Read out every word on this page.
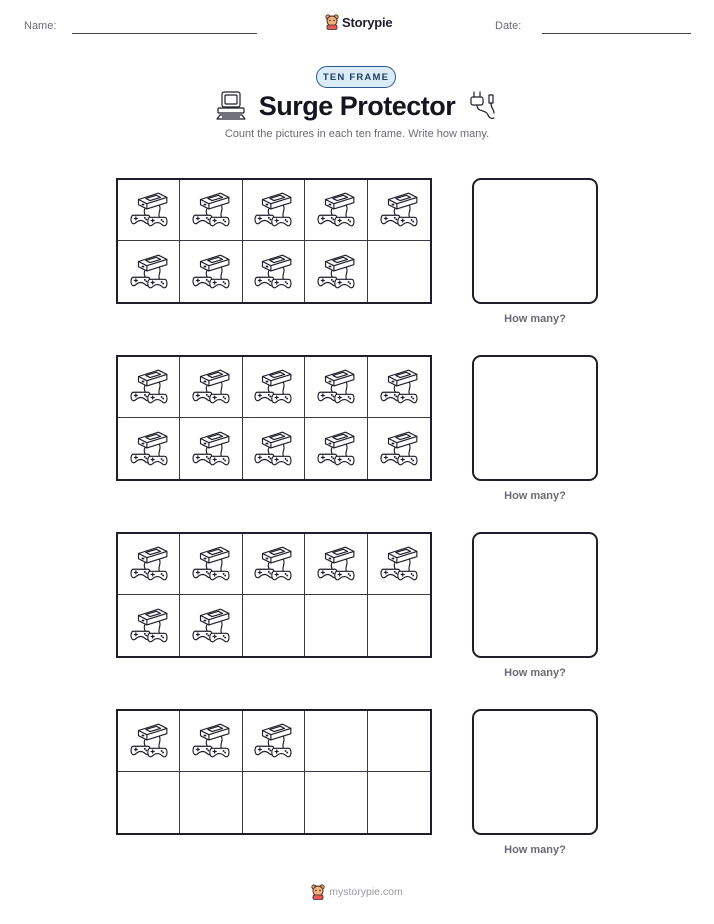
Name:	Storypie	Date:
TEN FRAME
Surge Protector
Count the pictures in each ten frame. Write how many.
How many?
How many?
How many?
How many?
mystorypie.com
